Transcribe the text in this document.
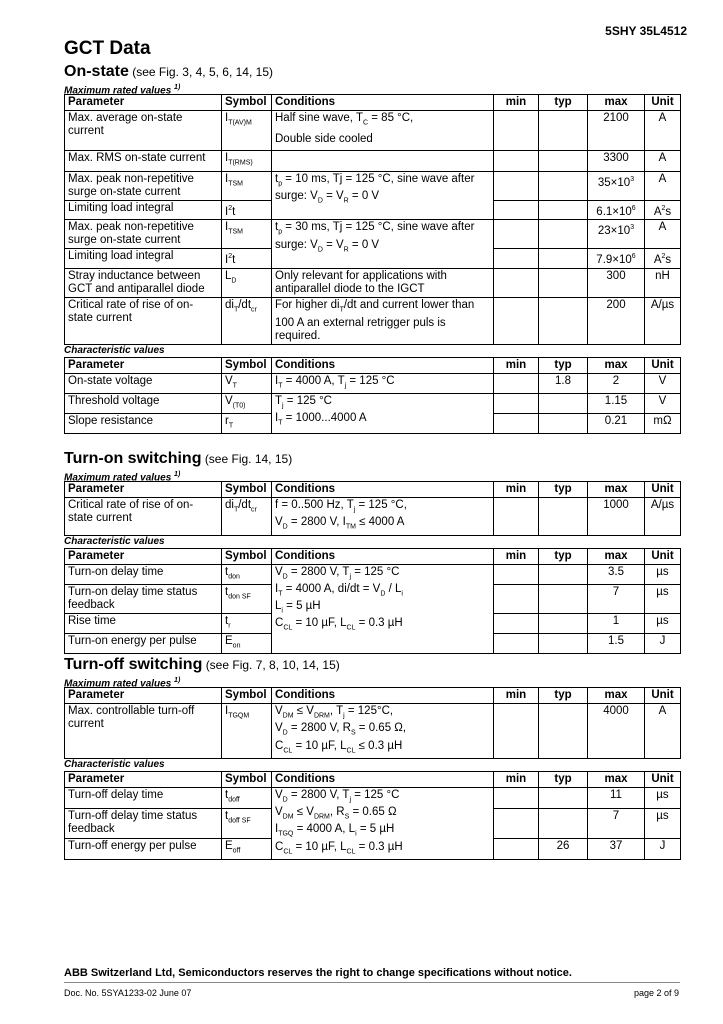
5SHY 35L4512
GCT Data
On-state (see Fig. 3, 4, 5, 6, 14, 15)
Maximum rated values $^{1)}$
Parameter	Symbol	Conditions	min	typ	max	Unit
Max. average on-state current	$I_{T(AV)M}$	Half sine wave, $T_C = 85$ °C,
Double side cooled			2100	A
Max. RMS on-state current	$I_{T(RMS)}$				3300	A
Max. peak non-repetitive surge on-state current	$I_{TSM}$	$t_p = 10$ ms, Tj = 125 °C, sine wave after surge: $V_D = V_R = 0$ V			$35\times 10^3$	A
Limiting load integral	$I^2t$				$6.1\times 10^6$	$A^2s$
Max. peak non-repetitive surge on-state current	$I_{TSM}$	$t_p = 30$ ms, Tj = 125 °C, sine wave after surge: $V_D = V_R = 0$ V			$23\times 10^3$	A
Limiting load integral	$I^2t$				$7.9\times 10^6$	$A^2s$
Stray inductance between GCT and antiparallel diode	$L_D$	Only relevant for applications with antiparallel diode to the IGCT			300	nH
Critical rate of rise of on-state current	$di_T/dt_{cr}$	For higher $di_T/dt$ and current lower than 100 A an external retrigger puls is required.			200	A/µs
Characteristic values
Parameter	Symbol	Conditions	min	typ	max	Unit
On-state voltage	$V_T$	$I_T = 4000$ A, $T_j = 125$ °C		1.8	2	V
Threshold voltage	$V_{(T0)}$	$T_j = 125$ °C
$I_T = 1000...4000$ A			1.15	V
Slope resistance	$r_T$				0.21	mΩ
Turn-on switching (see Fig. 14, 15)
Maximum rated values $^{1)}$
Parameter	Symbol	Conditions	min	typ	max	Unit
Critical rate of rise of on-state current	$di_T/dt_{cr}$	f = 0..500 Hz, $T_j = 125$ °C,
$V_D = 2800$ V, $I_{TM} \le 4000$ A			1000	A/µs
Characteristic values
Parameter	Symbol	Conditions	min	typ	max	Unit
Turn-on delay time	$t_{don}$	$V_D = 2800$ V, $T_j = 125$ °C
$I_T = 4000$ A, $di/dt = V_D / L_i$
$L_i = 5$ µH
$C_{CL} = 10$ µF, $L_{CL} = 0.3$ µH			3.5	µs
Turn-on delay time status feedback	$t_{don SF}$				7	µs
Rise time	$t_r$				1	µs
Turn-on energy per pulse	$E_{on}$				1.5	J
Turn-off switching (see Fig. 7, 8, 10, 14, 15)
Maximum rated values $^{1)}$
Parameter	Symbol	Conditions	min	typ	max	Unit
Max. controllable turn-off current	$I_{TGQM}$	$V_{DM} \le V_{DRM}$, $T_j = 125^\circ C$,
$V_D = 2800$ V, $R_S = 0.65$ Ω,
$C_{CL} = 10$ µF, $L_{CL} \le 0.3$ µH			4000	A
Characteristic values
Parameter	Symbol	Conditions	min	typ	max	Unit
Turn-off delay time	$t_{doff}$	$V_D = 2800$ V, $T_j = 125$ °C
$V_{DM} \le V_{DRM}$, $R_S = 0.65$ Ω
$I_{TGQ} = 4000$ A, $L_i = 5$ µH
$C_{CL} = 10$ µF, $L_{CL} = 0.3$ µH			11	µs
Turn-off delay time status feedback	$t_{doff SF}$				7	µs
Turn-off energy per pulse	$E_{off}$			26	37	J
ABB Switzerland Ltd, Semiconductors reserves the right to change specifications without notice.
Doc. No. 5SYA1233-02 June 07	page 2 of 9
